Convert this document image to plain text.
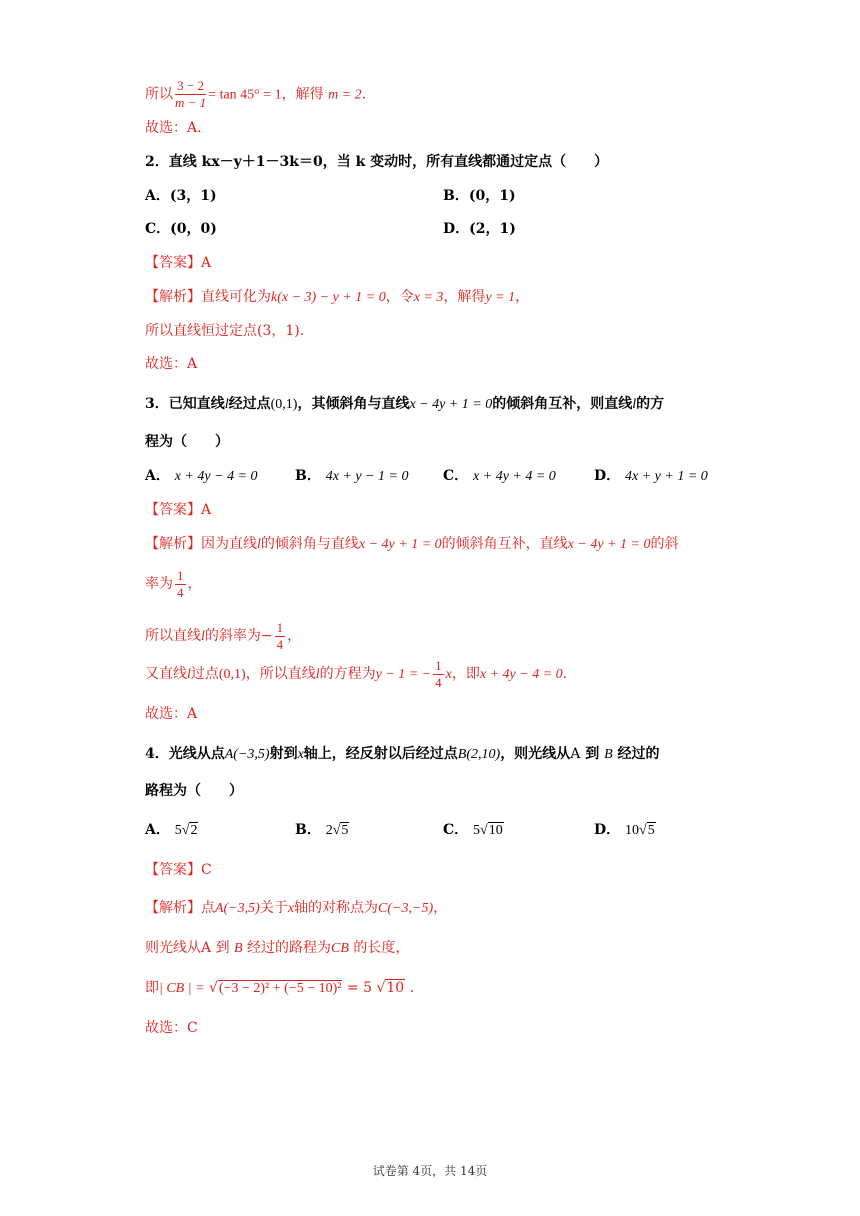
所以 $\frac{3 - 2}{m - 1} = \tan 45^\circ = 1$，解得 m = 2.
故选：A.
2．直线 kx－y＋1－3k＝0，当 k 变动时，所有直线都通过定点（　　）
A．(3，1)	B．(0，1)
C．(0，0)	D．(2，1)
【答案】A
【解析】直线可化为k(x − 3) − y + 1 = 0，令x = 3，解得y = 1，
所以直线恒过定点(3，1).
故选：A
3．已知直线l经过点(0,1)，其倾斜角与直线x − 4y + 1 = 0的倾斜角互补，则直线l的方
程为（　　）
A． x + 4y − 4 = 0	B． 4x + y − 1 = 0 C． x + 4y + 4 = 0	D． 4x + y + 1 = 0
【答案】A
【解析】因为直线l的倾斜角与直线x − 4y + 1 = 0的倾斜角互补，直线x − 4y + 1 = 0的斜
率为 $\frac{1}{4}$ ，
所以直线l的斜率为− $\frac{1}{4}$ ，
又直线l过点(0,1)，所以直线l的方程为y − 1 = − $\frac{1}{4}$ x，即x + 4y − 4 = 0.
故选：A
4．光线从点A(−3,5)射到x轴上，经反射以后经过点B(2,10)，则光线从A 到 B 经过的
路程为（　　）
A． 5√2	B． 2√5	C． 5√10	D． 10√5
【答案】C
【解析】点A(−3,5)关于x轴的对称点为C(−3,−5)，
则光线从A 到 B 经过的路程为CB 的长度，
即| CB | = √(−3 − 2)² + (−5 − 10)² = 5 √10 .
故选：C
试卷第 4页，共 14页
